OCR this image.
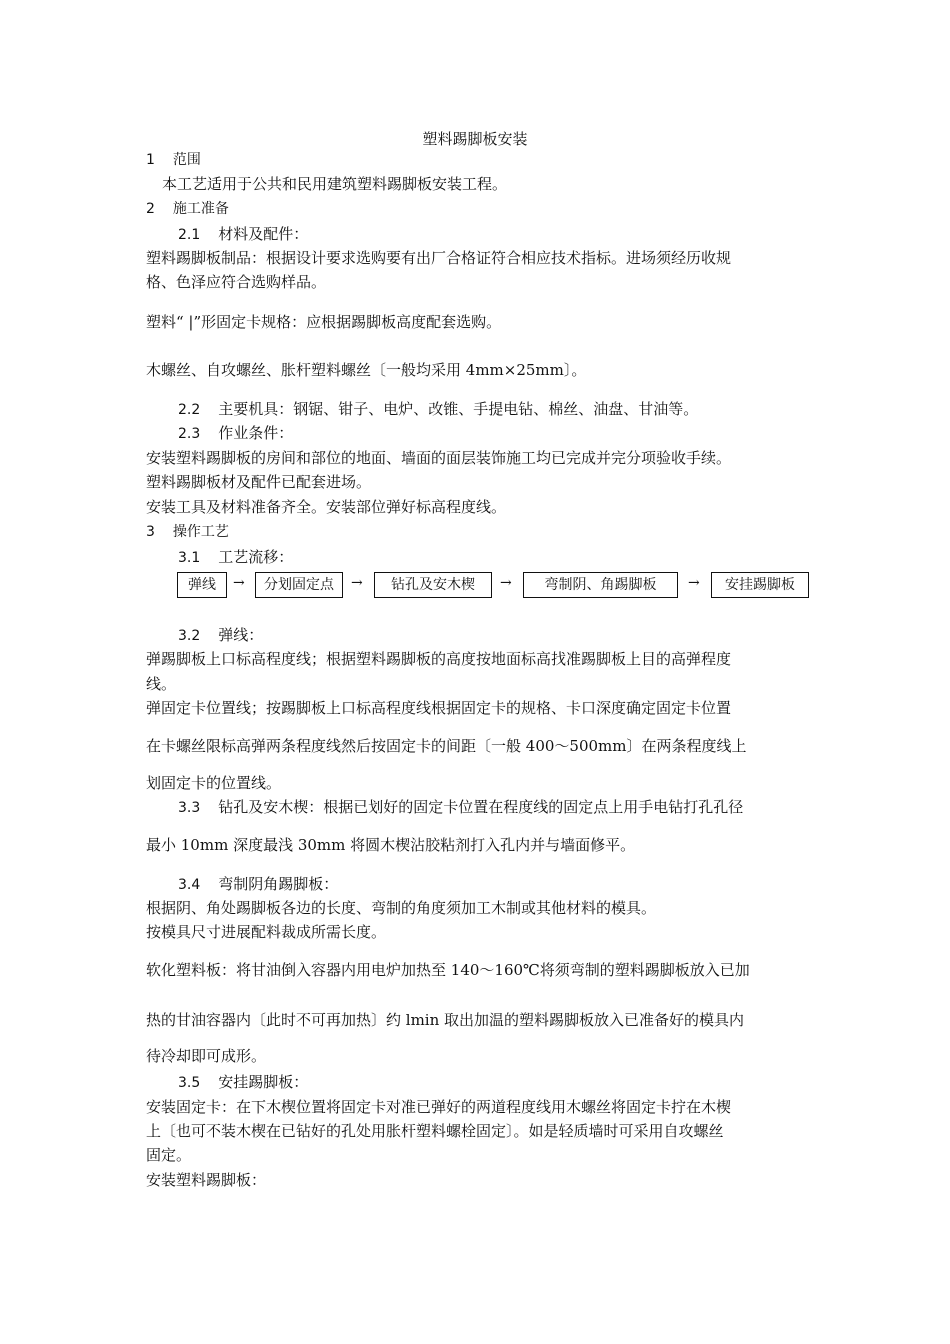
塑料踢脚板安装
1 范围
本工艺适用于公共和民用建筑塑料踢脚板安装工程。
2 施工准备
2.1 材料及配件：
塑料踢脚板制品：根据设计要求选购要有出厂合格证符合相应技术指标。进场须经历收规
格、色泽应符合选购样品。
塑料“ |”形固定卡规格：应根据踢脚板高度配套选购。
木螺丝、自攻螺丝、胀杆塑料螺丝〔一般均采用 4mm×25mm〕。
2.2 主要机具：钢锯、钳子、电炉、改锥、手提电钻、棉丝、油盘、甘油等。
2.3 作业条件：
安装塑料踢脚板的房间和部位的地面、墙面的面层装饰施工均已完成并完分项验收手续。
塑料踢脚板材及配件已配套进场。
安装工具及材料准备齐全。安装部位弹好标高程度线。
3 操作工艺
3.1 工艺流移：
弹线	→	分划固定点	→	钻孔及安木楔	→	弯制阴、角踢脚板	→	安挂踢脚板
3.2 弹线：
弹踢脚板上口标高程度线；根据塑料踢脚板的高度按地面标高找准踢脚板上目的高弹程度
线。
弹固定卡位置线；按踢脚板上口标高程度线根据固定卡的规格、卡口深度确定固定卡位置
在卡螺丝限标高弹两条程度线然后按固定卡的间距〔一般 400～500mm〕在两条程度线上
划固定卡的位置线。
3.3 钻孔及安木楔：根据已划好的固定卡位置在程度线的固定点上用手电钻打孔孔径
最小 10mm 深度最浅 30mm 将圆木楔沾胶粘剂打入孔内并与墙面修平。
3.4 弯制阴角踢脚板：
根据阴、角处踢脚板各边的长度、弯制的角度须加工木制或其他材料的模具。
按模具尺寸进展配料裁成所需长度。
软化塑料板：将甘油倒入容器内用电炉加热至 140～160℃将须弯制的塑料踢脚板放入已加
热的甘油容器内〔此时不可再加热〕约 lmin 取出加温的塑料踢脚板放入已准备好的模具内
待冷却即可成形。
3.5 安挂踢脚板：
安装固定卡：在下木楔位置将固定卡对准已弹好的两道程度线用木螺丝将固定卡拧在木楔
上〔也可不装木楔在已钻好的孔处用胀杆塑料螺栓固定〕。如是轻质墙时可采用自攻螺丝
固定。
安装塑料踢脚板：
